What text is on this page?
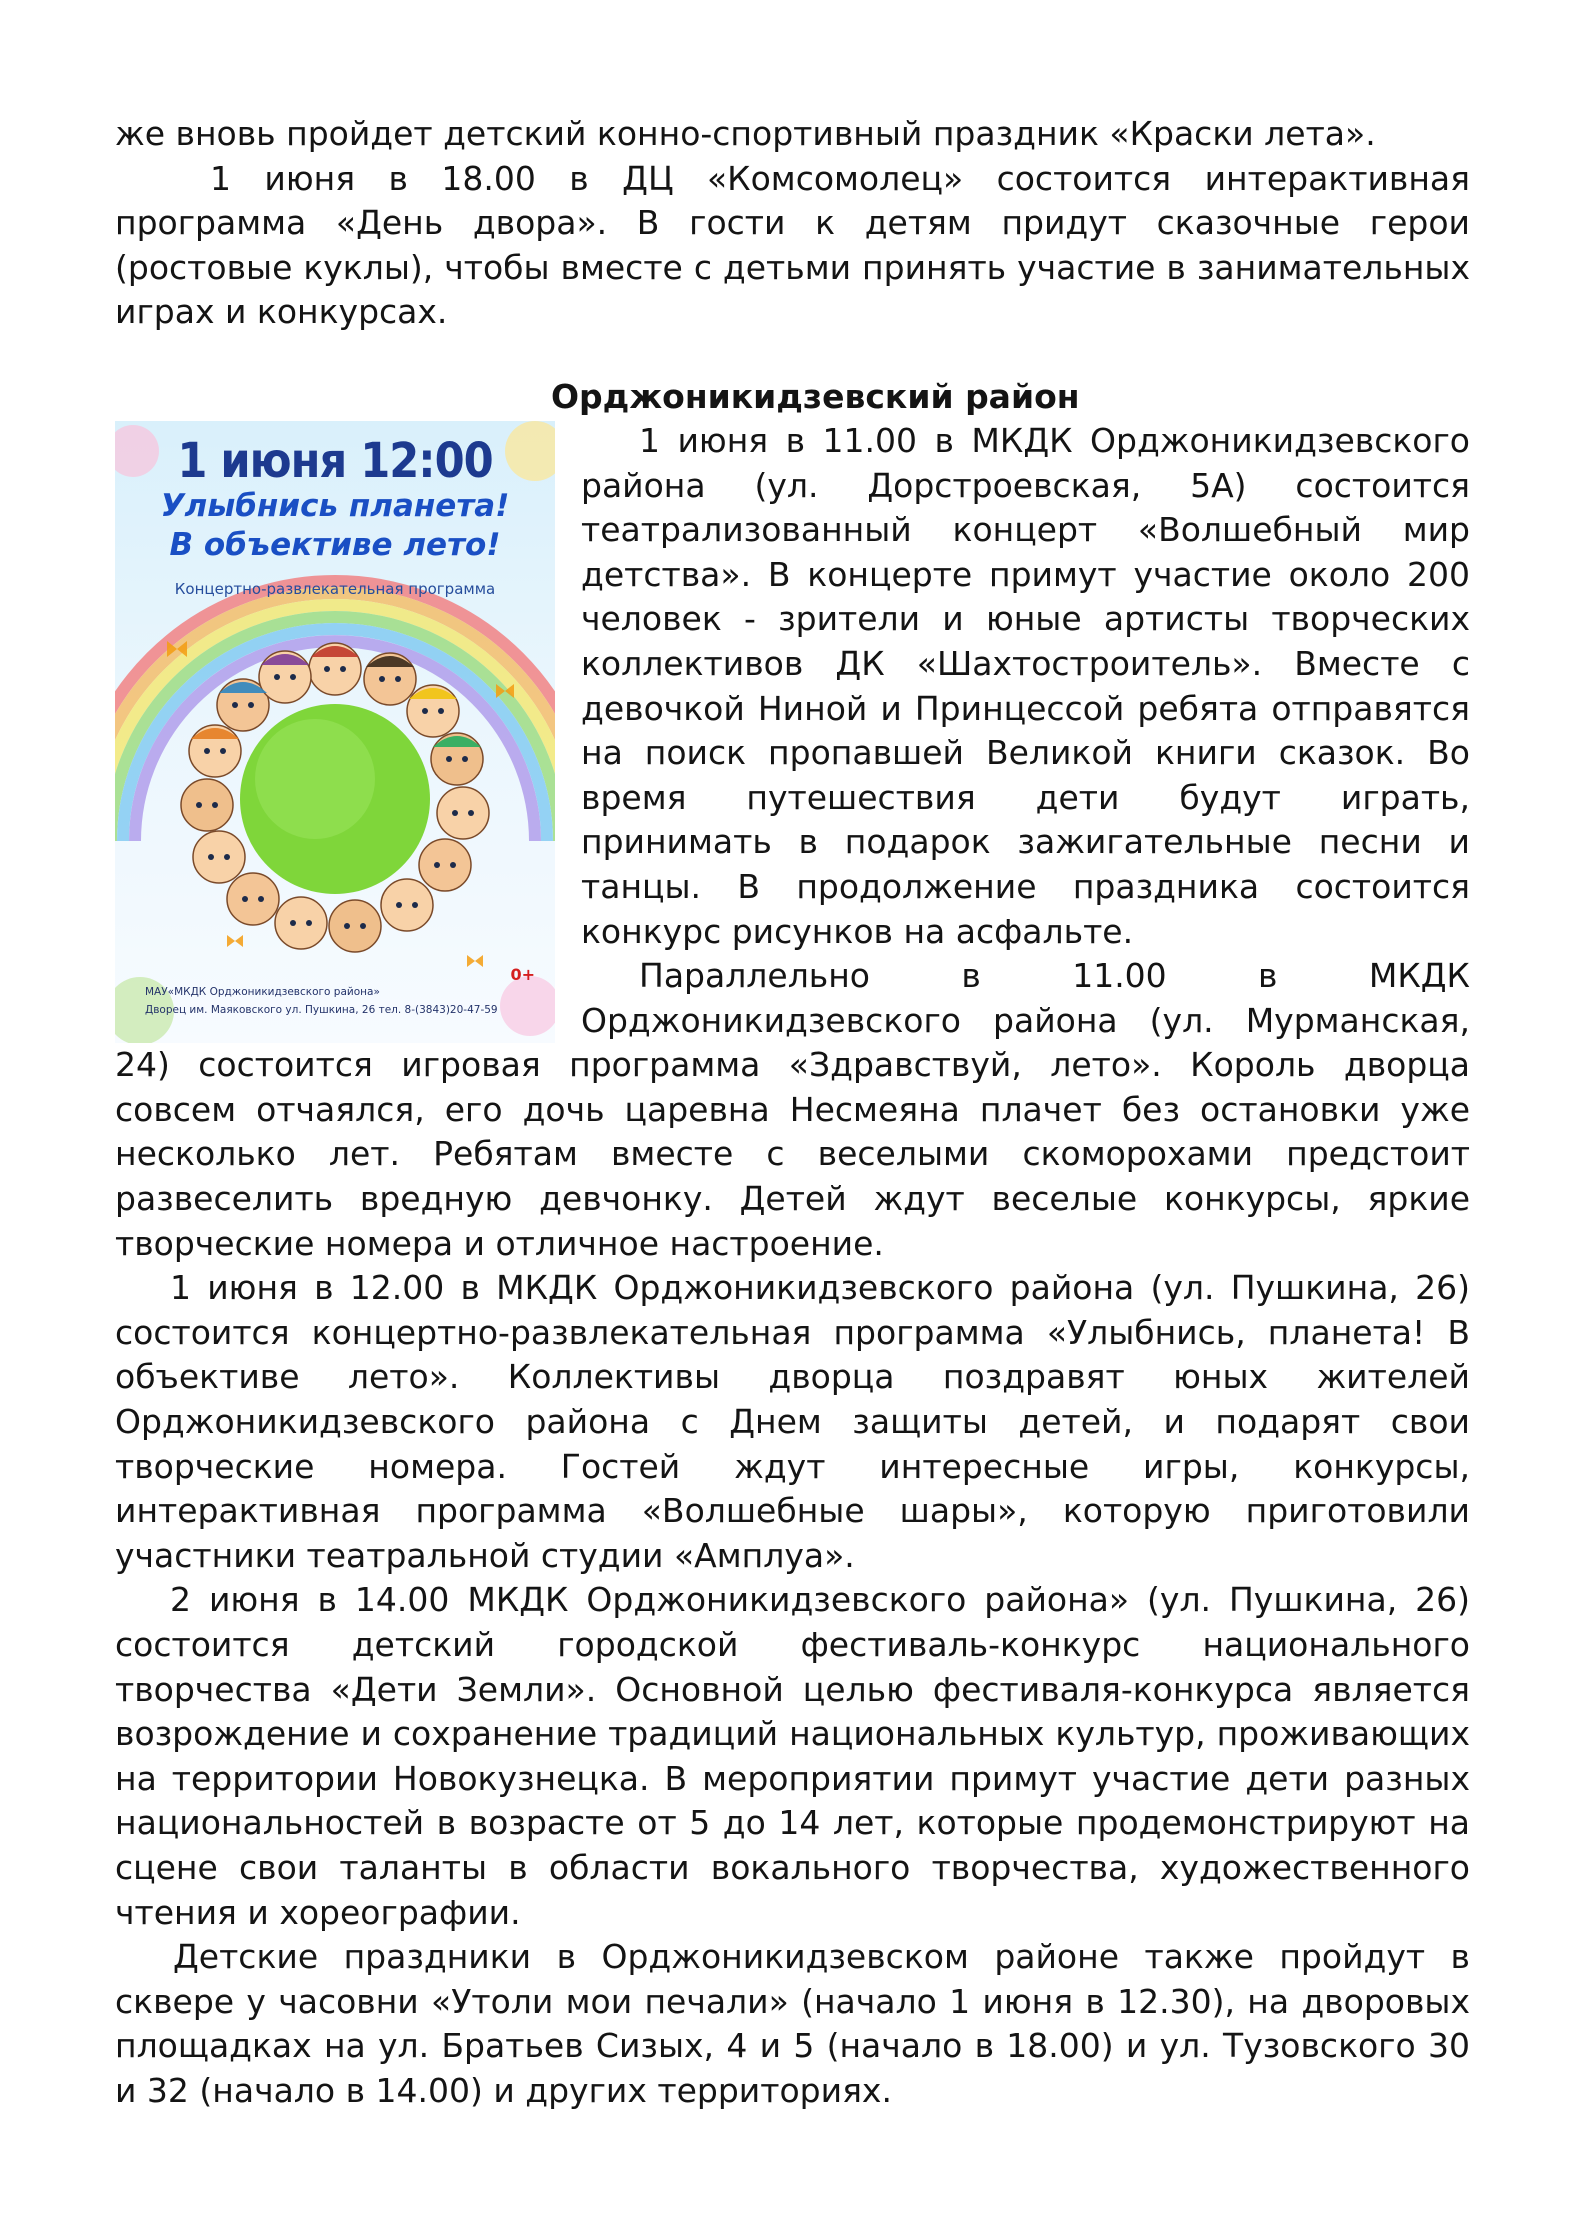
же вновь пройдет детский конно-спортивный праздник «Краски лета».

1 июня в 18.00 в ДЦ «Комсомолец» состоится интерактивная программа «День двора». В гости к детям придут сказочные герои (ростовые куклы), чтобы вместе с детьми принять участие в занимательных играх и конкурсах.

Орджоникидзевский район

1 июня 12:00
Улыбнись планета!
В объективе лето!
Концертно-развлекательная программа
0+
МАУ«МКДК Орджоникидзевского района»
Дворец им. Маяковского ул. Пушкина, 26 тел. 8-(3843)20-47-59

1 июня в 11.00 в МКДК Орджоникидзевского района (ул. Дорстроевская, 5А) состоится театрализованный концерт «Волшебный мир детства». В концерте примут участие около 200 человек - зрители и юные артисты творческих коллективов ДК «Шахтостроитель». Вместе с девочкой Ниной и Принцессой ребята отправятся на поиск пропавшей Великой книги сказок. Во время путешествия дети будут играть, принимать в подарок зажигательные песни и танцы. В продолжение праздника состоится конкурс рисунков на асфальте.

Параллельно в 11.00 в МКДК Орджоникидзевского района (ул. Мурманская, 24) состоится игровая программа «Здравствуй, лето». Король дворца совсем отчаялся, его дочь царевна Несмеяна плачет без остановки уже несколько лет. Ребятам вместе с веселыми скоморохами предстоит развеселить вредную девчонку. Детей ждут веселые конкурсы, яркие творческие номера и отличное настроение.

1 июня в 12.00 в МКДК Орджоникидзевского района (ул. Пушкина, 26) состоится концертно-развлекательная программа «Улыбнись, планета! В объективе лето». Коллективы дворца поздравят юных жителей Орджоникидзевского района с Днем защиты детей, и подарят свои творческие номера. Гостей ждут интересные игры, конкурсы, интерактивная программа «Волшебные шары», которую приготовили участники театральной студии «Амплуа».

2 июня в 14.00 МКДК Орджоникидзевского района» (ул. Пушкина, 26) состоится детский городской фестиваль-конкурс национального творчества «Дети Земли». Основной целью фестиваля-конкурса является возрождение и сохранение традиций национальных культур, проживающих на территории Новокузнецка. В мероприятии примут участие дети разных национальностей в возрасте от 5 до 14 лет, которые продемонстрируют на сцене свои таланты в области вокального творчества, художественного чтения и хореографии.

Детские праздники в Орджоникидзевском районе также пройдут в сквере у часовни «Утоли мои печали» (начало 1 июня в 12.30), на дворовых площадках на ул. Братьев Сизых, 4 и 5 (начало в 18.00) и ул. Тузовского 30 и 32 (начало в 14.00) и других территориях.
